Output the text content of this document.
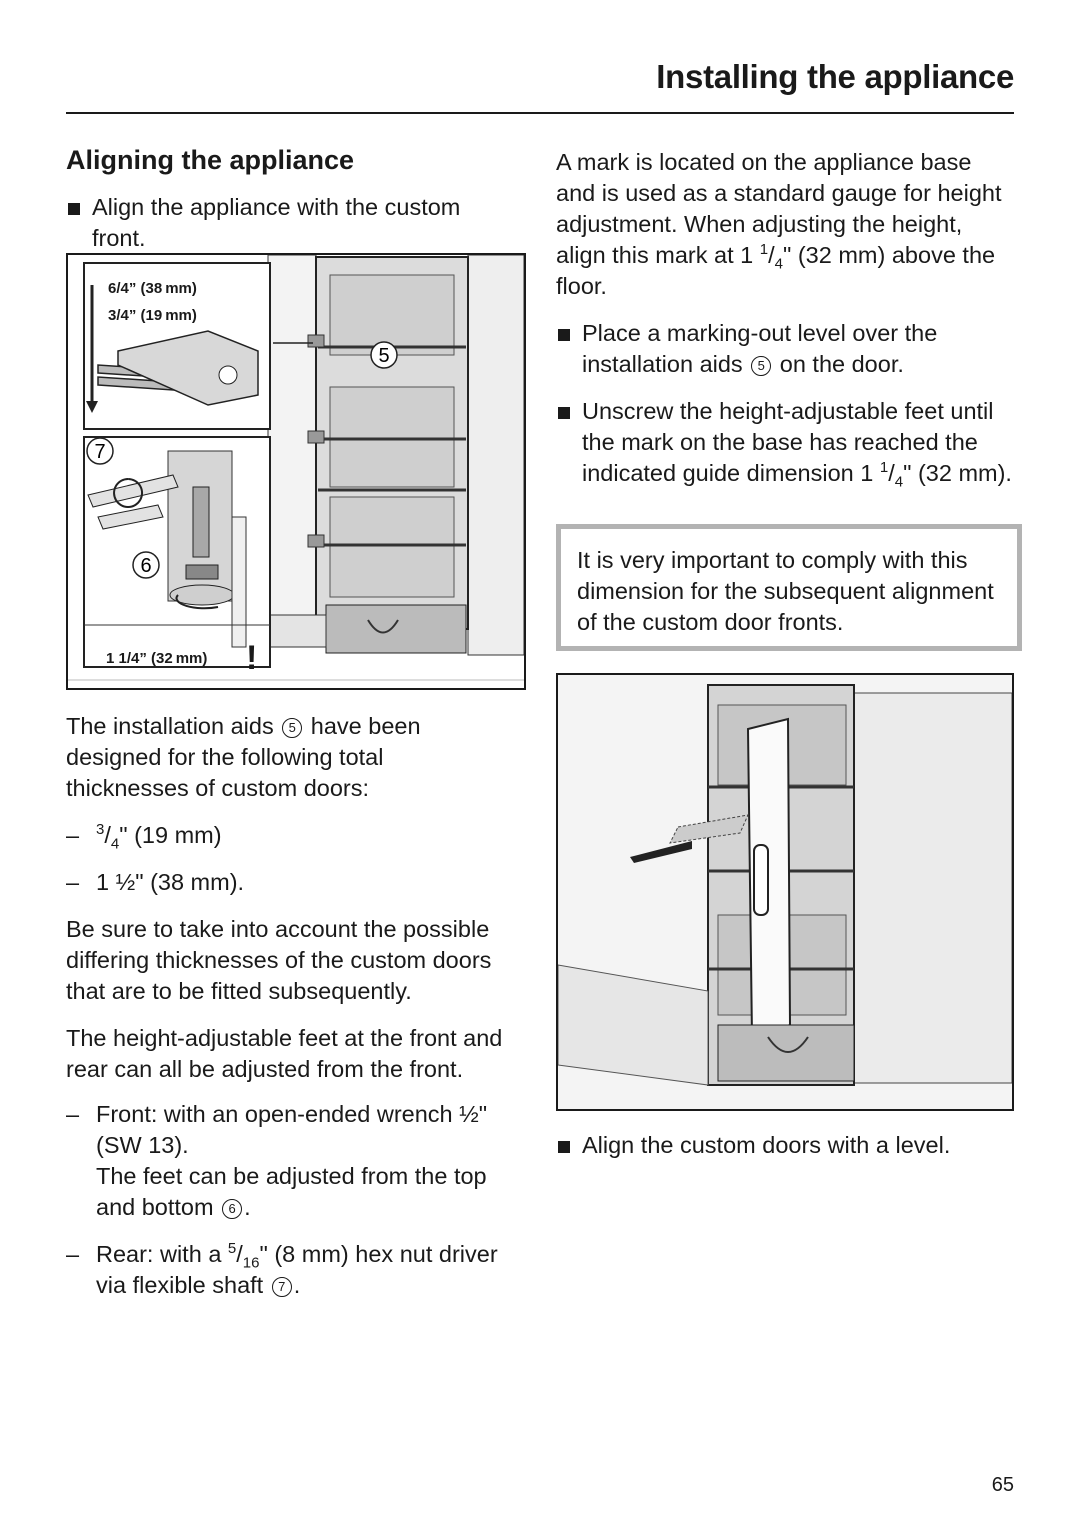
Installing the appliance
Aligning the appliance

Align the appliance with the custom front.

6/4” (38 mm)
3/4” (19 mm)
1 1/4” (32 mm) !
5
7
6

The installation aids 5 have been designed for the following total thicknesses of custom doors:

– $^3/_4$" (19 mm)

– 1 ½" (38 mm).

Be sure to take into account the possible differing thicknesses of the custom doors that are to be fitted subsequently.

The height-adjustable feet at the front and rear can all be adjusted from the front.

– Front: with an open-ended wrench ½" (SW 13).

The feet can be adjusted from the top and bottom 6 .

– Rear: with a $^5/_{16}$" (8 mm) hex nut driver via flexible shaft 7 .

A mark is located on the appliance base and is used as a standard gauge for height adjustment. When adjusting the height, align this mark at 1 $^1/_4$" (32 mm) above the floor.

Place a marking-out level over the installation aids 5 on the door.

Unscrew the height-adjustable feet until the mark on the base has reached the indicated guide dimension 1 $^1/_4$" (32 mm).

It is very important to comply with this dimension for the subsequent alignment of the custom door fronts.

Align the custom doors with a level.

65
